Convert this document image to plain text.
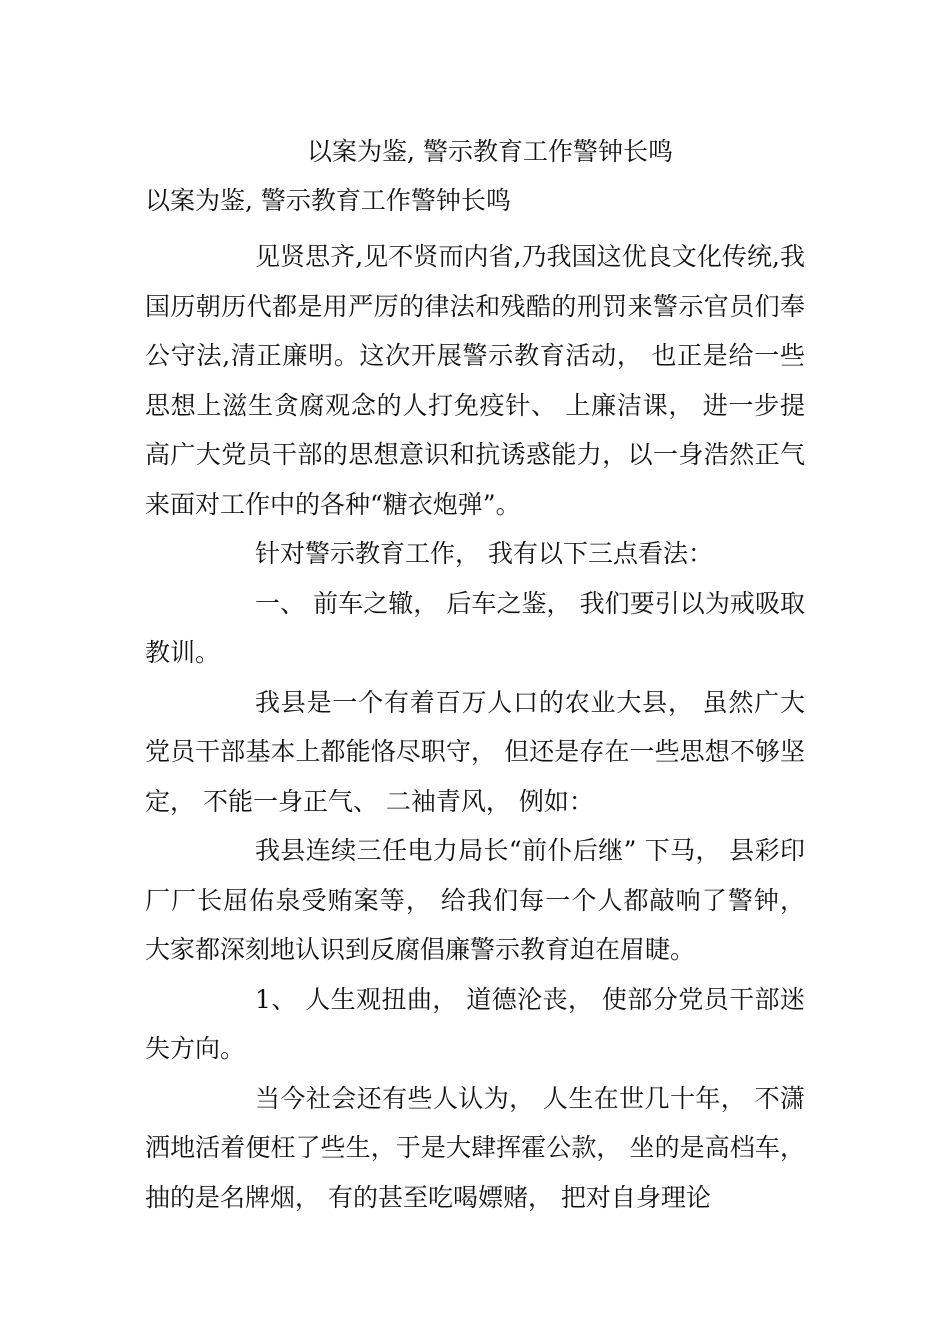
以案为鉴, 警示教育工作警钟长鸣
以案为鉴, 警示教育工作警钟长鸣

见贤思齐,见不贤而内省,乃我国这优良文化传统,我国历朝历代都是用严厉的律法和残酷的刑罚来警示官员们奉公守法,清正廉明。这次开展警示教育活动， 也正是给一些思想上滋生贪腐观念的人打免疫针、 上廉洁课， 进一步提高广大党员干部的思想意识和抗诱惑能力，以一身浩然正气来面对工作中的各种“糖衣炮弹”。

针对警示教育工作， 我有以下三点看法：

一、 前车之辙， 后车之鉴， 我们要引以为戒吸取教训。

我县是一个有着百万人口的农业大县， 虽然广大党员干部基本上都能恪尽职守， 但还是存在一些思想不够坚定， 不能一身正气、 二袖青风， 例如：

我县连续三任电力局长“前仆后继” 下马， 县彩印厂厂长屈佑泉受贿案等， 给我们每一个人都敲响了警钟， 大家都深刻地认识到反腐倡廉警示教育迫在眉睫。

1、 人生观扭曲， 道德沦丧， 使部分党员干部迷失方向。

当今社会还有些人认为， 人生在世几十年， 不潇洒地活着便枉了些生，于是大肆挥霍公款， 坐的是高档车， 抽的是名牌烟， 有的甚至吃喝嫖赌， 把对自身理论
